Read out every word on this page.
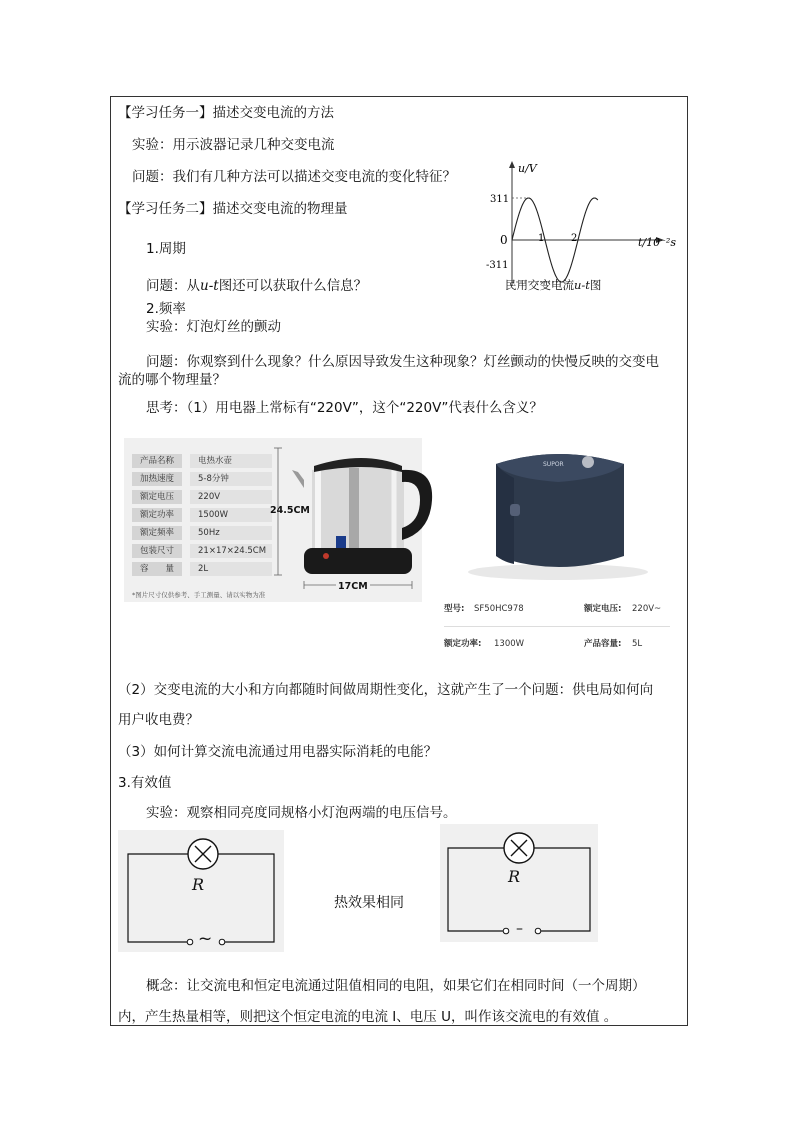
【学习任务一】描述交变电流的方法
实验：用示波器记录几种交变电流
问题：我们有几种方法可以描述交变电流的变化特征？
【学习任务二】描述交变电流的物理量
1.周期
问题：从u-t图还可以获取什么信息？
2.频率
实验：灯泡灯丝的颤动
问题：你观察到什么现象？什么原因导致发生这种现象？灯丝颤动的快慢反映的交变电
流的哪个物理量？
思考：（1）用电器上常标有“220V”，这个“220V”代表什么含义？
u/V
t/10⁻²s
0
311
-311
1	2
民用交变电流u-t图
产品名称	电热水壶
加热速度	5-8分钟
额定电压	220V
额定功率	1500W
额定频率	50Hz
包装尺寸	21×17×24.5CM
容　　量	2L
*图片尺寸仅供参考、手工测量、请以实物为准
24.5CM
17CM
SUPOR
型号: SF50HC978	额定电压: 220V~
额定功率: 1300W	产品容量: 5L
（2）交变电流的大小和方向都随时间做周期性变化，这就产生了一个问题：供电局如何向
用户收电费？
（3）如何计算交流电流通过用电器实际消耗的电能？
3.有效值
实验：观察相同亮度同规格小灯泡两端的电压信号。
R
~
热效果相同
R
–
概念：让交流电和恒定电流通过阻值相同的电阻，如果它们在相同时间（一个周期）
内，产生热量相等，则把这个恒定电流的电流 I、电压 U，叫作该交流电的有效值 。
